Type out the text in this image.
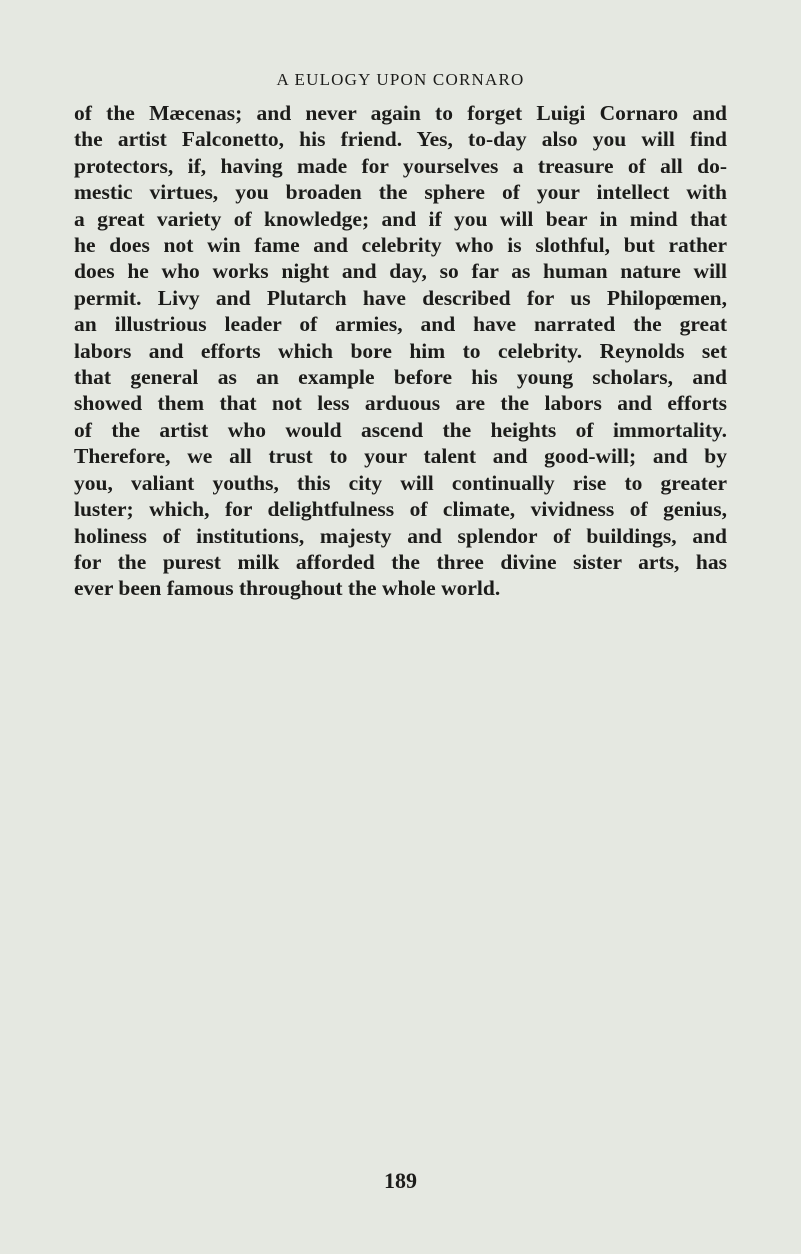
A EULOGY UPON CORNARO

of the Mæcenas; and never again to forget Luigi Cornaro and
the artist Falconetto, his friend. Yes, to-day also you will find
protectors, if, having made for yourselves a treasure of all do-
mestic virtues, you broaden the sphere of your intellect with
a great variety of knowledge; and if you will bear in mind that
he does not win fame and celebrity who is slothful, but rather
does he who works night and day, so far as human nature will
permit. Livy and Plutarch have described for us Philopœmen,
an illustrious leader of armies, and have narrated the great
labors and efforts which bore him to celebrity. Reynolds set
that general as an example before his young scholars, and
showed them that not less arduous are the labors and efforts
of the artist who would ascend the heights of immortality.
Therefore, we all trust to your talent and good-will; and by
you, valiant youths, this city will continually rise to greater
luster; which, for delightfulness of climate, vividness of genius,
holiness of institutions, majesty and splendor of buildings, and
for the purest milk afforded the three divine sister arts, has
ever been famous throughout the whole world.

189
